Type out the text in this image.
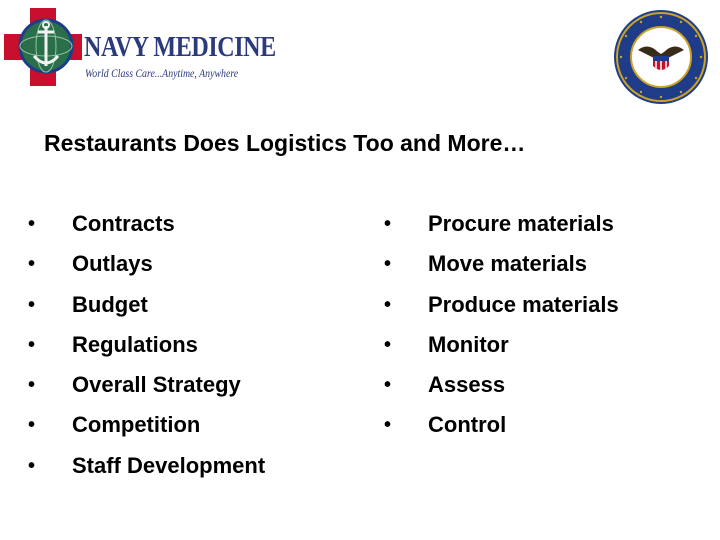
NAVY MEDICINE
World Class Care...Anytime, Anywhere
Restaurants Does Logistics Too and More…
• Contracts
• Outlays
• Budget
• Regulations
• Overall Strategy
• Competition
• Staff Development
• Procure materials
• Move materials
• Produce materials
• Monitor
• Assess
• Control
